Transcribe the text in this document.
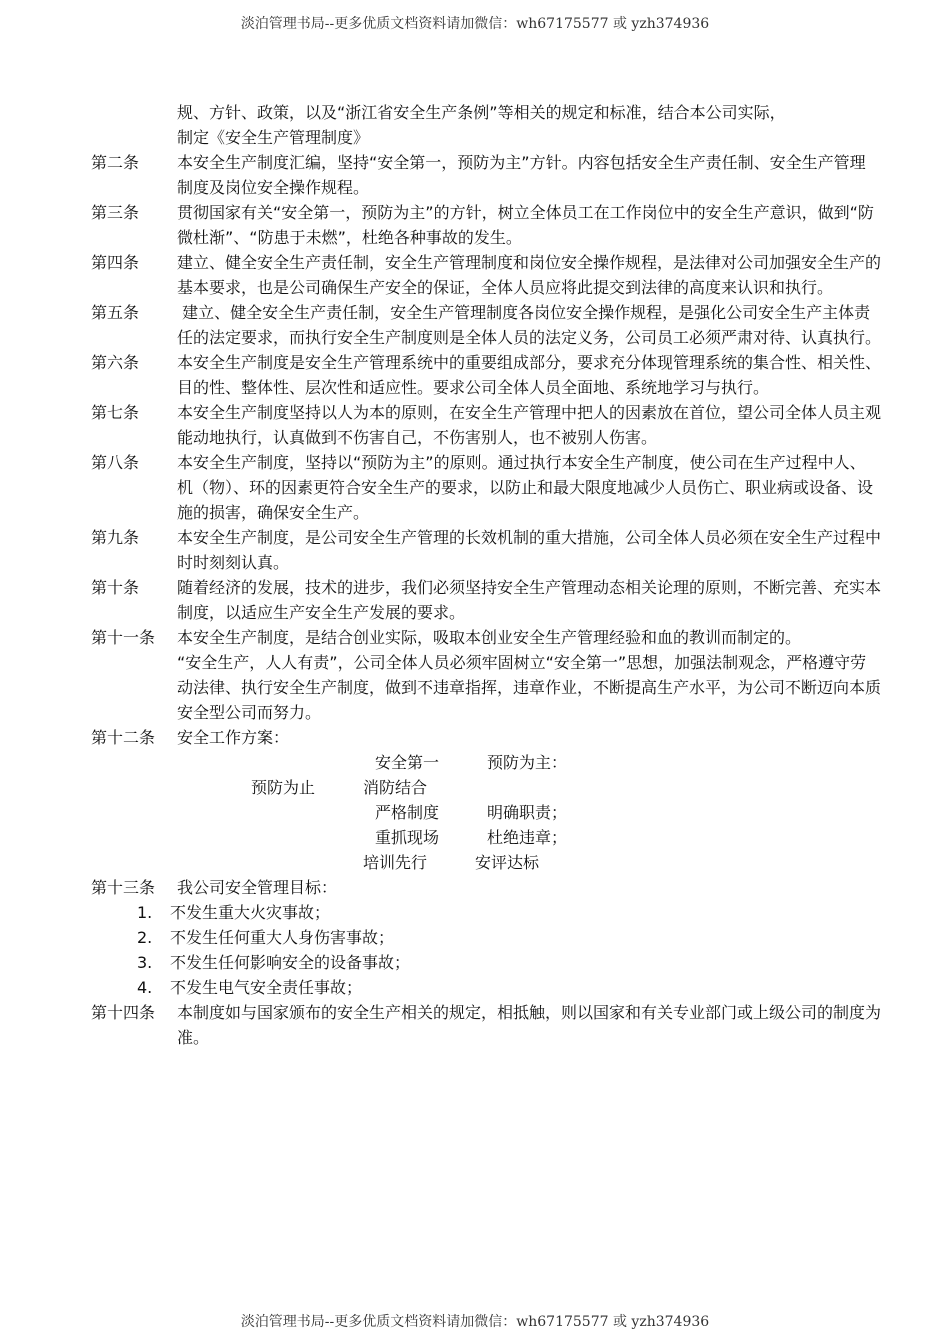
淡泊管理书局--更多优质文档资料请加微信：wh67175577 或 yzh374936
规、方针、政策，以及“浙江省安全生产条例”等相关的规定和标准，结合本公司实际，
制定《安全生产管理制度》
第二条	本安全生产制度汇编，坚持“安全第一，预防为主”方针。内容包括安全生产责任制、安全生产管理制度及岗位安全操作规程。
第三条	贯彻国家有关“安全第一，预防为主”的方针，树立全体员工在工作岗位中的安全生产意识，做到“防微杜渐”、“防患于未燃”，杜绝各种事故的发生。
第四条	建立、健全安全生产责任制，安全生产管理制度和岗位安全操作规程，是法律对公司加强安全生产的基本要求，也是公司确保生产安全的保证，全体人员应将此提交到法律的高度来认识和执行。
第五条	建立、健全安全生产责任制，安全生产管理制度各岗位安全操作规程，是强化公司安全生产主体责任的法定要求，而执行安全生产制度则是全体人员的法定义务，公司员工必须严肃对待、认真执行。
第六条	本安全生产制度是安全生产管理系统中的重要组成部分，要求充分体现管理系统的集合性、相关性、目的性、整体性、层次性和适应性。要求公司全体人员全面地、系统地学习与执行。
第七条	本安全生产制度坚持以人为本的原则，在安全生产管理中把人的因素放在首位，望公司全体人员主观能动地执行，认真做到不伤害自己，不伤害别人，也不被别人伤害。
第八条	本安全生产制度，坚持以“预防为主”的原则。通过执行本安全生产制度，使公司在生产过程中人、机（物）、环的因素更符合安全生产的要求，以防止和最大限度地减少人员伤亡、职业病或设备、设施的损害，确保安全生产。
第九条	本安全生产制度，是公司安全生产管理的长效机制的重大措施，公司全体人员必须在安全生产过程中时时刻刻认真。
第十条	随着经济的发展，技术的进步，我们必须坚持安全生产管理动态相关论理的原则，不断完善、充实本制度，以适应生产安全生产发展的要求。
第十一条	本安全生产制度，是结合创业实际，吸取本创业安全生产管理经验和血的教训而制定的。
“安全生产，人人有责”，公司全体人员必须牢固树立“安全第一”思想，加强法制观念，严格遵守劳动法律、执行安全生产制度，做到不违章指挥，违章作业，不断提高生产水平，为公司不断迈向本质安全型公司而努力。
第十二条	安全工作方案：
安全第一	预防为主：
预防为止	消防结合
严格制度	明确职责；
重抓现场	杜绝违章；
培训先行	安评达标
第十三条	我公司安全管理目标：
1. 不发生重大火灾事故；
2. 不发生任何重大人身伤害事故；
3. 不发生任何影响安全的设备事故；
4. 不发生电气安全责任事故；
第十四条	本制度如与国家颁布的安全生产相关的规定，相抵触，则以国家和有关专业部门或上级公司的制度为准。
淡泊管理书局--更多优质文档资料请加微信：wh67175577 或 yzh374936
